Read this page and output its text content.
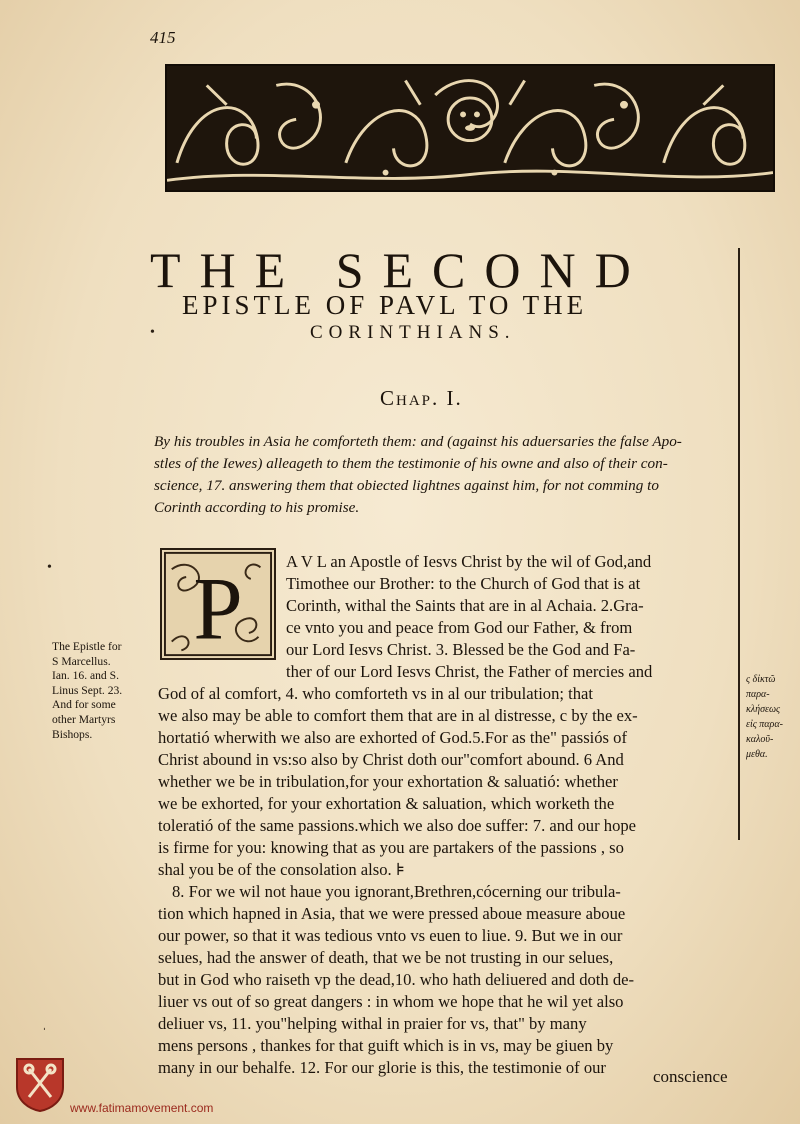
415
THE SECOND
EPISTLE OF PAVL TO THE
CORINTHIANS.
Chap. I.
By his troubles in Asia he comforteth them: and (against his aduersaries the false Apo-
stles of the Iewes) alleageth to them the testimonie of his owne and also of their con-
science, 17. answering them that obiected lightnes against him, for not comming to
Corinth according to his promise.
P
The Epistle for
S Marcellus.
Ian. 16. and S.
Linus Sept. 23.
And for some
other Martyrs
Bishops.
ς δἰκτῶ
παρα-
κλήσεως
εἰς παρα-
καλοῦ-
μεθα.
A V L an Apostle of Iesvs Christ by the wil of God,and
Timothee our Brother: to the Church of God that is at
Corinth, withal the Saints that are in al Achaia. 2.Gra-
ce vnto you and peace from God our Father, & from
our Lord Iesvs Christ. 3. Blessed be the God and Fa-
ther of our Lord Iesvs Christ, the Father of mercies and
God of al comfort, 4. who comforteth vs in al our tribulation; that
we also may be able to comfort them that are in al distresse, c by the ex-
hortatió wherwith we also are exhorted of God.5.For as the" passiós of
Christ abound in vs:so also by Christ doth our"comfort abound. 6 And
whether we be in tribulation,for your exhortation & saluatió: whether
we be exhorted, for your exhortation & saluation, which worketh the
toleratió of the same passions.which we also doe suffer: 7. and our hope
is firme for you: knowing that as you are partakers of the passions , so
shal you be of the consolation also. ⊧
8. For we wil not haue you ignorant,Brethren,cócerning our tribula-
tion which hapned in Asia, that we were pressed aboue measure aboue
our power, so that it was tedious vnto vs euen to liue. 9. But we in our
selues, had the answer of death, that we be not trusting in our selues,
but in God who raiseth vp the dead,10. who hath deliuered and doth de-
liuer vs out of so great dangers : in whom we hope that he wil yet also
deliuer vs, 11. you"helping withal in praier for vs, that" by many
mens persons , thankes for that guift which is in vs, may be giuen by
many in our behalfe. 12. For our glorie is this, the testimonie of our	conscience
•
•
ˌ
www.fatimamovement.com
